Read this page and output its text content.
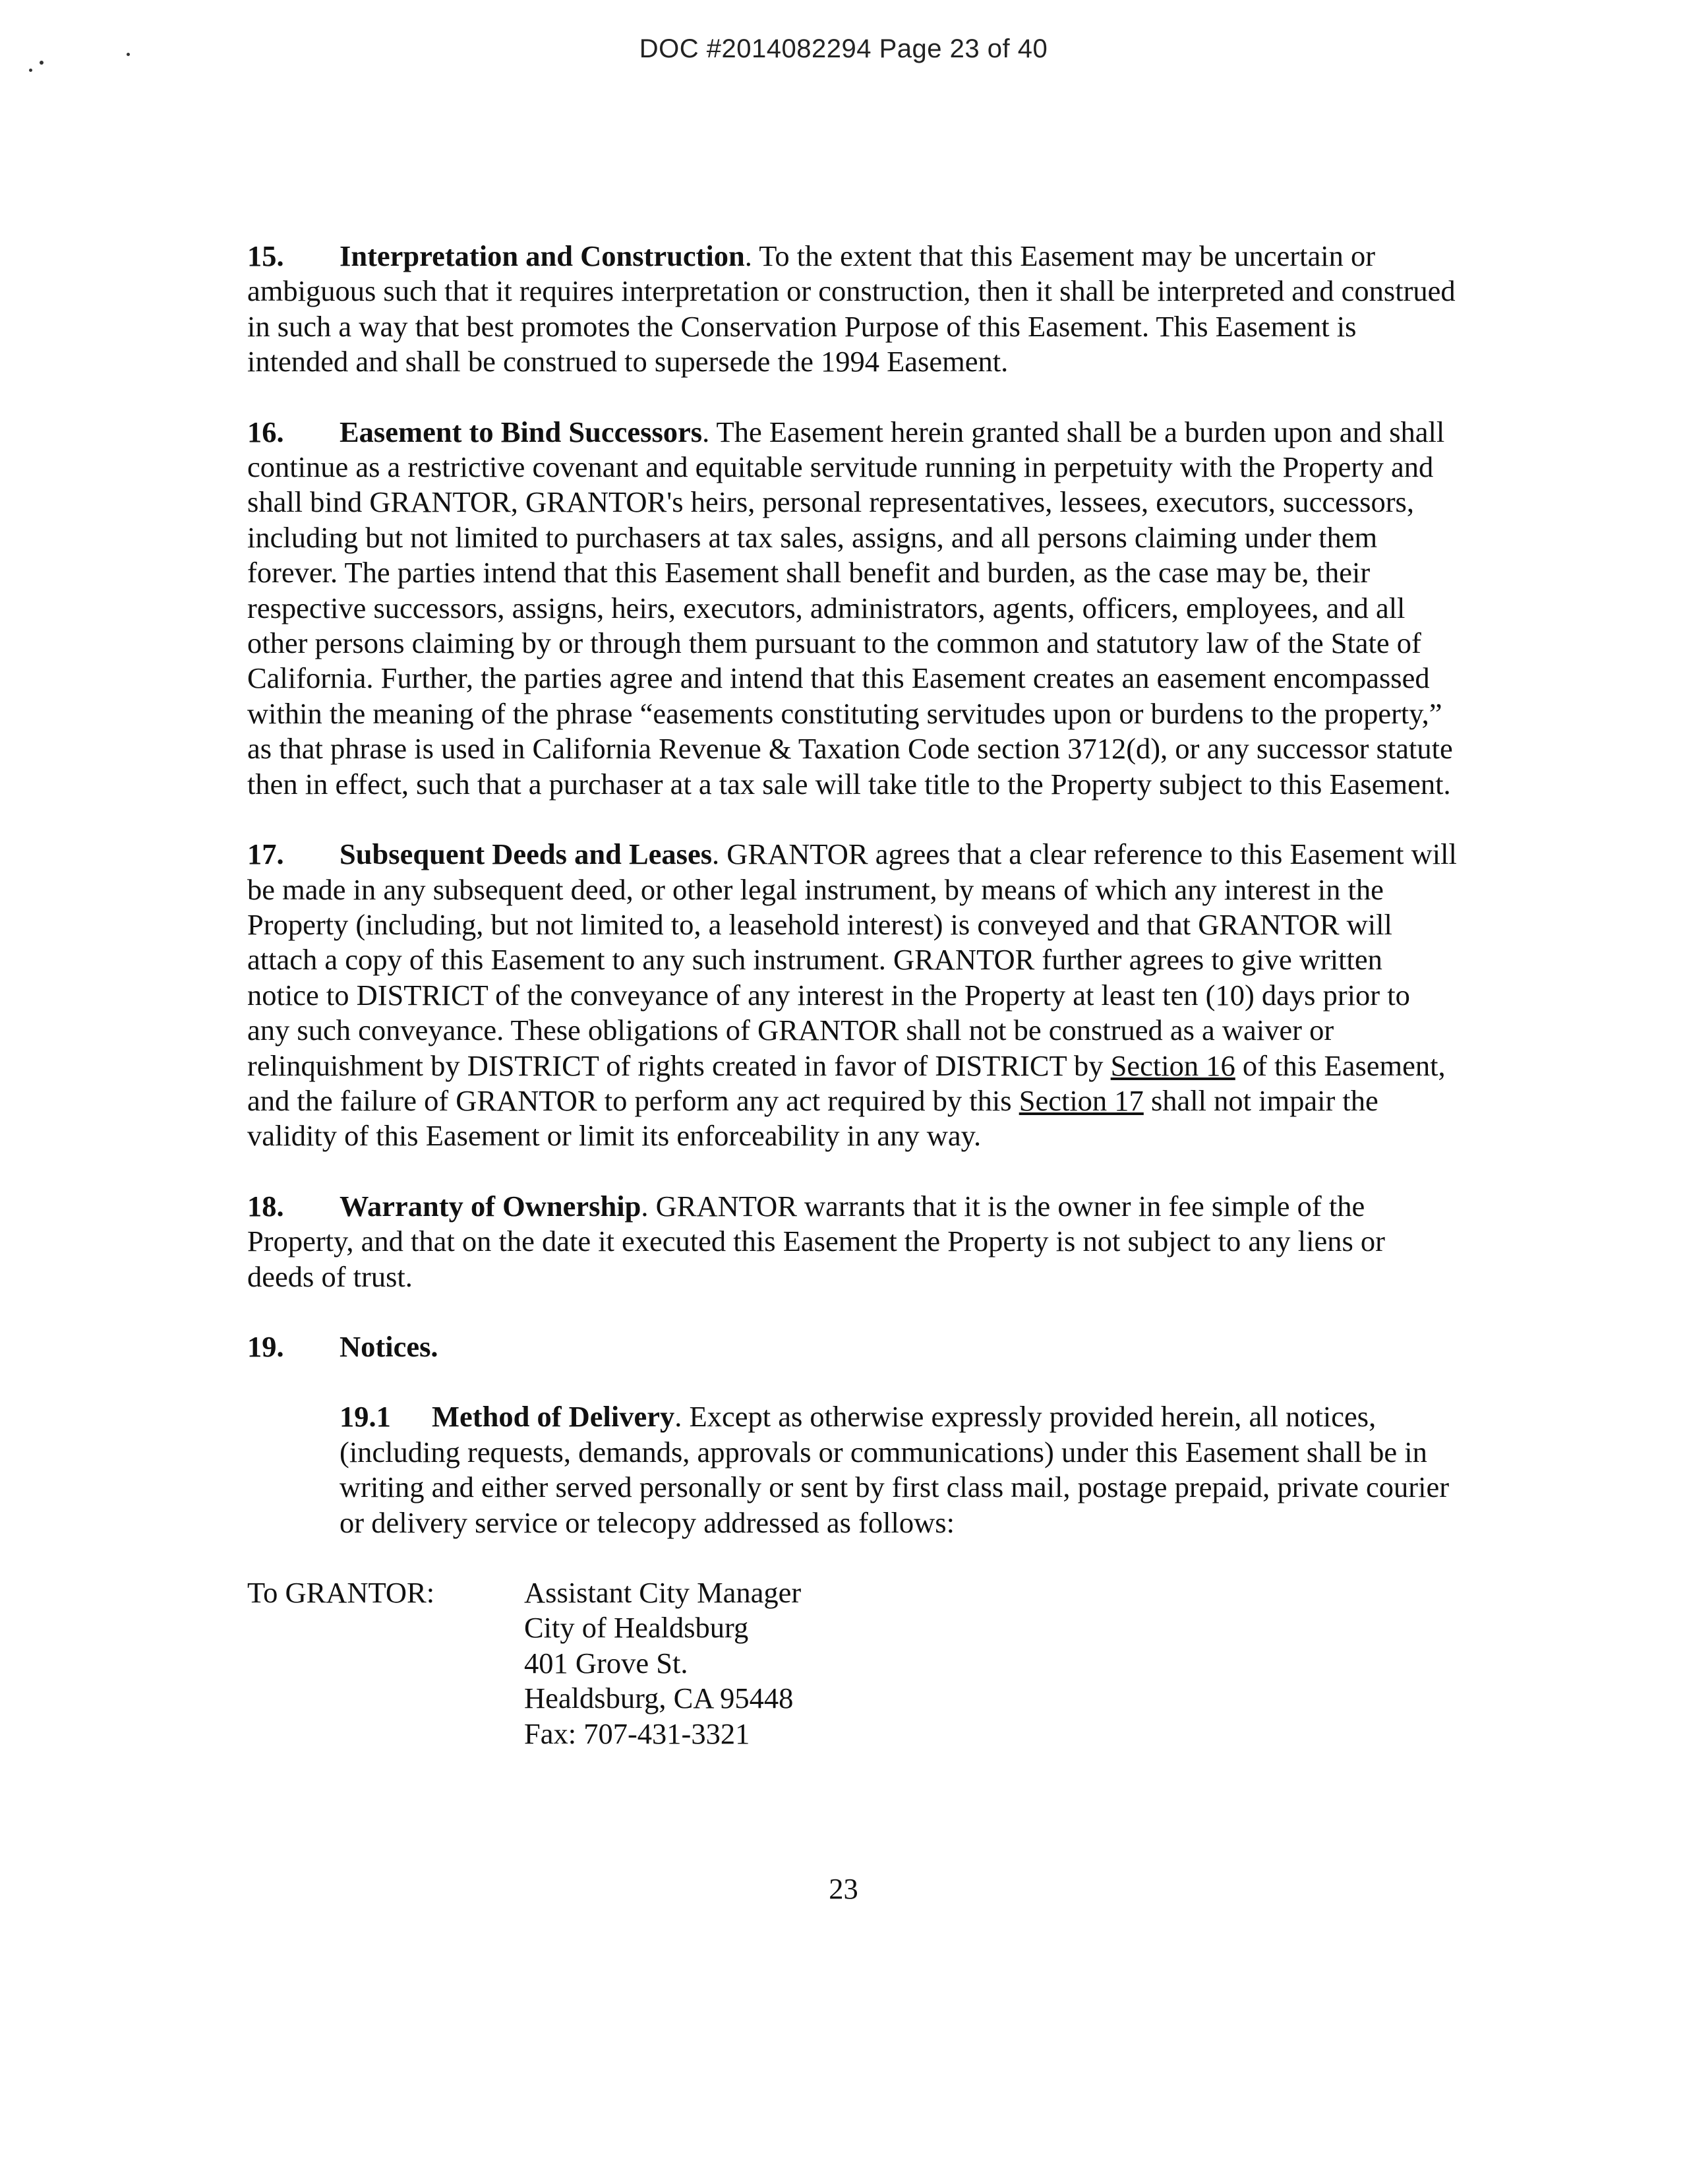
DOC #2014082294 Page 23 of 40

15. Interpretation and Construction. To the extent that this Easement may be uncertain or ambiguous such that it requires interpretation or construction, then it shall be interpreted and construed in such a way that best promotes the Conservation Purpose of this Easement. This Easement is intended and shall be construed to supersede the 1994 Easement.

16. Easement to Bind Successors. The Easement herein granted shall be a burden upon and shall continue as a restrictive covenant and equitable servitude running in perpetuity with the Property and shall bind GRANTOR, GRANTOR's heirs, personal representatives, lessees, executors, successors, including but not limited to purchasers at tax sales, assigns, and all persons claiming under them forever. The parties intend that this Easement shall benefit and burden, as the case may be, their respective successors, assigns, heirs, executors, administrators, agents, officers, employees, and all other persons claiming by or through them pursuant to the common and statutory law of the State of California. Further, the parties agree and intend that this Easement creates an easement encompassed within the meaning of the phrase “easements constituting servitudes upon or burdens to the property,” as that phrase is used in California Revenue & Taxation Code section 3712(d), or any successor statute then in effect, such that a purchaser at a tax sale will take title to the Property subject to this Easement.

17. Subsequent Deeds and Leases. GRANTOR agrees that a clear reference to this Easement will be made in any subsequent deed, or other legal instrument, by means of which any interest in the Property (including, but not limited to, a leasehold interest) is conveyed and that GRANTOR will attach a copy of this Easement to any such instrument. GRANTOR further agrees to give written notice to DISTRICT of the conveyance of any interest in the Property at least ten (10) days prior to any such conveyance. These obligations of GRANTOR shall not be construed as a waiver or relinquishment by DISTRICT of rights created in favor of DISTRICT by Section 16 of this Easement, and the failure of GRANTOR to perform any act required by this Section 17 shall not impair the validity of this Easement or limit its enforceability in any way.

18. Warranty of Ownership. GRANTOR warrants that it is the owner in fee simple of the Property, and that on the date it executed this Easement the Property is not subject to any liens or deeds of trust.

19. Notices.

19.1 Method of Delivery. Except as otherwise expressly provided herein, all notices, (including requests, demands, approvals or communications) under this Easement shall be in writing and either served personally or sent by first class mail, postage prepaid, private courier or delivery service or telecopy addressed as follows:

To GRANTOR:	Assistant City Manager
City of Healdsburg
401 Grove St.
Healdsburg, CA 95448
Fax: 707-431-3321
23
